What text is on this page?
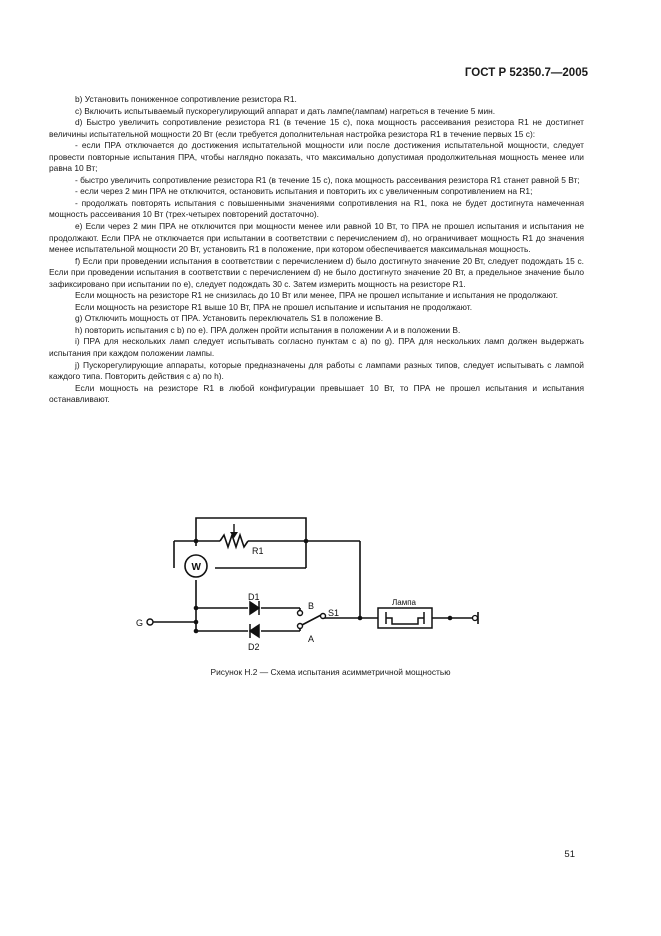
ГОСТ Р 52350.7—2005

b) Установить пониженное сопротивление резистора R1.

c) Включить испытываемый пускорегулирующий аппарат и дать лампе(лампам) нагреться в течение 5 мин.

d) Быстро увеличить сопротивление резистора R1 (в течение 15 с), пока мощность рассеивания резистора R1 не достигнет величины испытательной мощности 20 Вт (если требуется дополнительная настройка резистора R1 в течение первых 15 с):

- если ПРА отключается до достижения испытательной мощности или после достижения испытательной мощности, следует провести повторные испытания ПРА, чтобы наглядно показать, что максимально допустимая продолжительная мощность менее или равна 10 Вт;

- быстро увеличить сопротивление резистора R1 (в течение 15 с), пока мощность рассеивания резистора R1 станет равной 5 Вт;

- если через 2 мин ПРА не отключится, остановить испытания и повторить их с увеличенным сопротивлением на R1;

- продолжать повторять испытания с повышенными значениями сопротивления на R1, пока не будет достигнута намеченная мощность рассеивания 10 Вт (трех-четырех повторений достаточно).

e) Если через 2 мин ПРА не отключится при мощности менее или равной 10 Вт, то ПРА не прошел испытания и испытания не продолжают. Если ПРА не отключается при испытании в соответствии с перечислением d), но ограничивает мощность R1 до значения менее испытательной мощности 20 Вт, установить R1 в положение, при котором обеспечивается максимальная мощность.

f) Если при проведении испытания в соответствии с перечислением d) было достигнуто значение 20 Вт, следует подождать 15 с. Если при проведении испытания в соответствии с перечислением d) не было достигнуто значение 20 Вт, а предельное значение было зафиксировано при испытании по e), следует подождать 30 с. Затем измерить мощность на резисторе R1.

Если мощность на резисторе R1 не снизилась до 10 Вт или менее, ПРА не прошел испытание и испытания не продолжают.

Если мощность на резисторе R1 выше 10 Вт, ПРА не прошел испытание и испытания не продолжают.

g) Отключить мощность от ПРА. Установить переключатель S1 в положение B.

h) повторить испытания с b) по e). ПРА должен пройти испытания в положении A и в положении B.

i) ПРА для нескольких ламп следует испытывать согласно пунктам с a) по g). ПРА для нескольких ламп должен выдержать испытания при каждом положении лампы.

j) Пускорегулирующие аппараты, которые предназначены для работы с лампами разных типов, следует испытывать с лампой каждого типа. Повторить действия с a) по h).

Если мощность на резисторе R1 в любой конфигурации превышает 10 Вт, то ПРА не прошел испытания и испытания останавливают.

R1
W
D1
D2
S1
B
A
G
Лампа
Рисунок Н.2 — Схема испытания асимметричной мощностью
51
